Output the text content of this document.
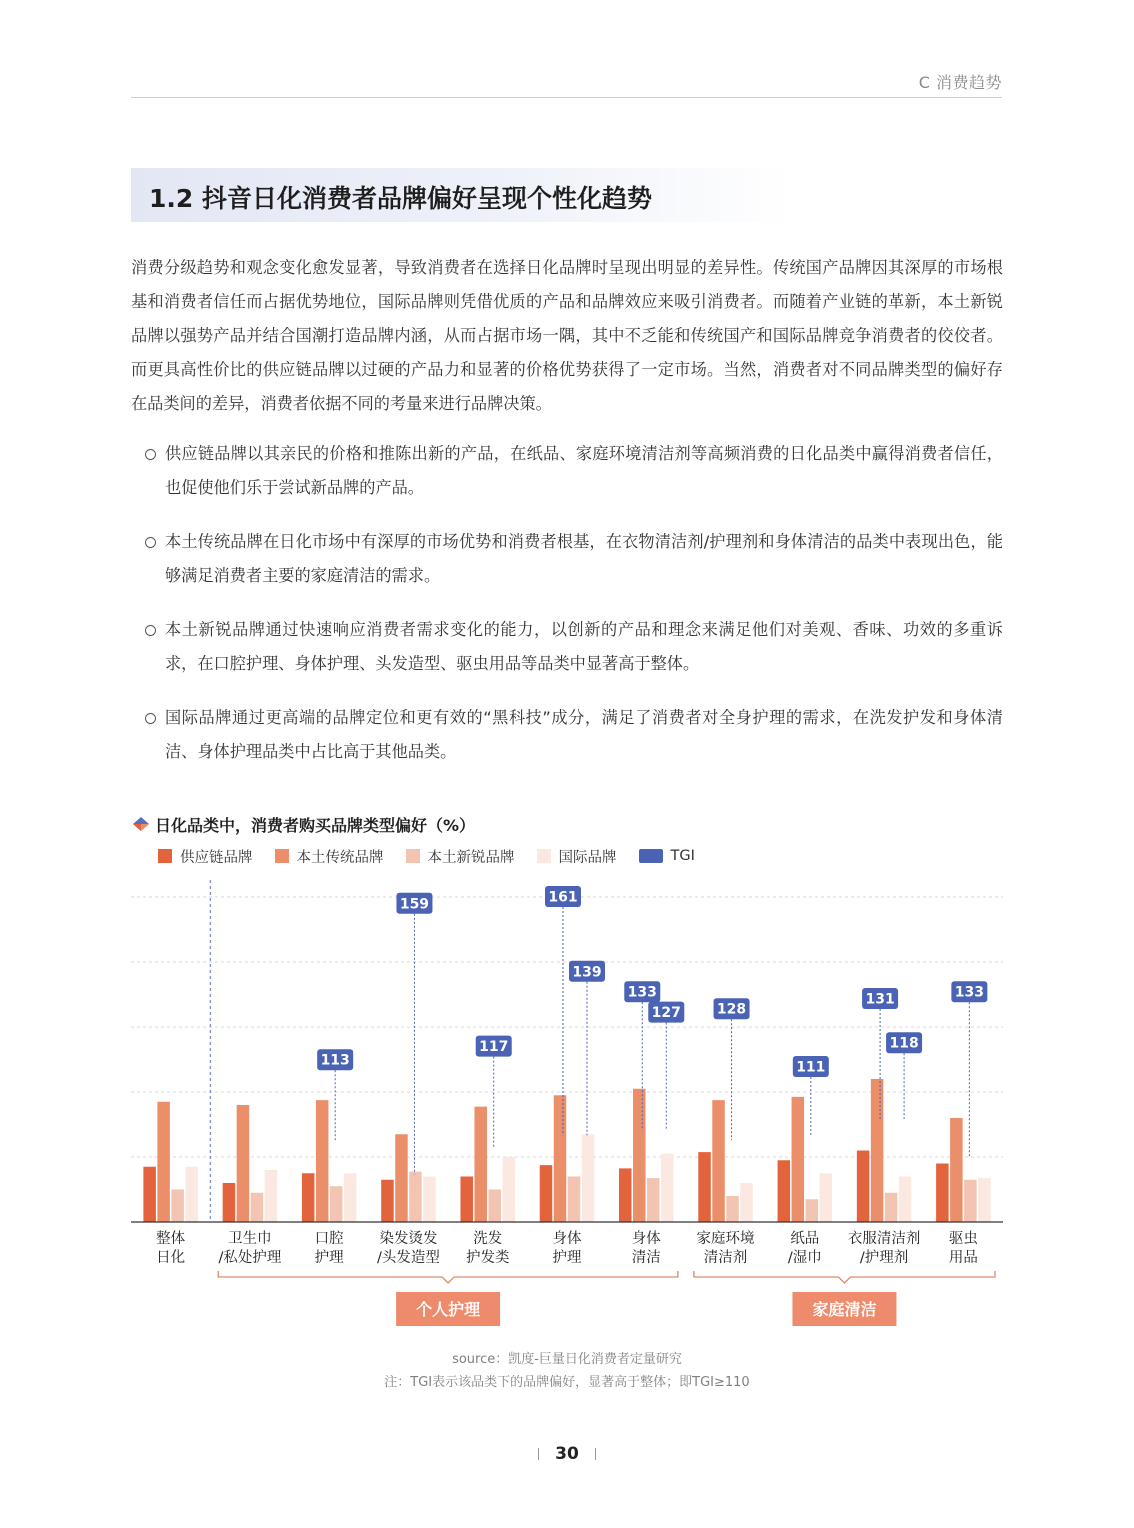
C 消费趋势
1.2 抖音日化消费者品牌偏好呈现个性化趋势

消费分级趋势和观念变化愈发显著，导致消费者在选择日化品牌时呈现出明显的差异性。传统国产品牌因其深厚的市场根基和消费者信任而占据优势地位，国际品牌则凭借优质的产品和品牌效应来吸引消费者。而随着产业链的革新，本土新锐品牌以强势产品并结合国潮打造品牌内涵，从而占据市场一隅，其中不乏能和传统国产和国际品牌竞争消费者的佼佼者。而更具高性价比的供应链品牌以过硬的产品力和显著的价格优势获得了一定市场。当然，消费者对不同品牌类型的偏好存在品类间的差异，消费者依据不同的考量来进行品牌决策。

供应链品牌以其亲民的价格和推陈出新的产品，在纸品、家庭环境清洁剂等高频消费的日化品类中赢得消费者信任，也促使他们乐于尝试新品牌的产品。
本土传统品牌在日化市场中有深厚的市场优势和消费者根基，在衣物清洁剂/护理剂和身体清洁的品类中表现出色，能够满足消费者主要的家庭清洁的需求。
本土新锐品牌通过快速响应消费者需求变化的能力，以创新的产品和理念来满足他们对美观、香味、功效的多重诉求，在口腔护理、身体护理、头发造型、驱虫用品等品类中显著高于整体。
国际品牌通过更高端的品牌定位和更有效的“黑科技”成分，满足了消费者对全身护理的需求，在洗发护发和身体清洁、身体护理品类中占比高于其他品类。
日化品类中，消费者购买品牌类型偏好（%）
供应链品牌	本土传统品牌	本土新锐品牌	国际品牌	TGI
整体
日化
卫生巾
/私处护理
口腔
护理
染发烫发
/头发造型
洗发
护发类
身体
护理
身体
清洁
家庭环境
清洁剂
纸品
/湿巾
衣服清洁剂
/护理剂
驱虫
用品
113
159
117
161
139
133
127	128
111
131
118
133
个人护理	家庭清洁
source：凯度-巨量日化消费者定量研究
注：TGI表示该品类下的品牌偏好，显著高于整体；即TGI≥110
30
